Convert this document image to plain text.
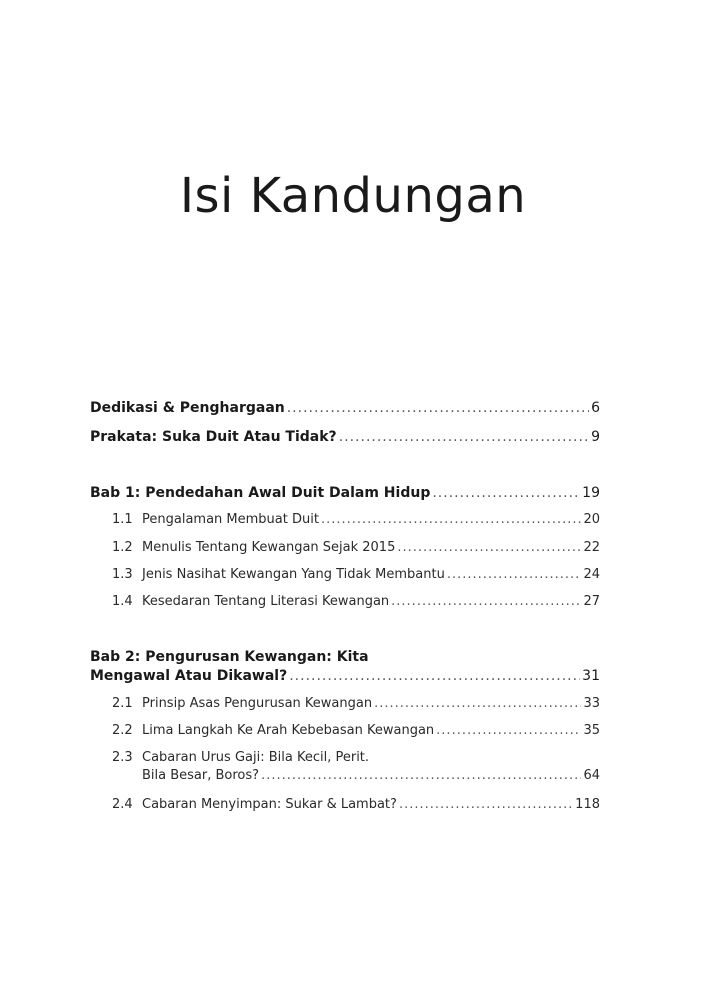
Isi Kandungan
Dedikasi & Penghargaan .....	6
Prakata: Suka Duit Atau Tidak? .....	9
Bab 1: Pendedahan Awal Duit Dalam Hidup .....	19
1.1 Pengalaman Membuat Duit .....	20
1.2 Menulis Tentang Kewangan Sejak 2015 .....	22
1.3 Jenis Nasihat Kewangan Yang Tidak Membantu .....	24
1.4 Kesedaran Tentang Literasi Kewangan .....	27
Bab 2: Pengurusan Kewangan: Kita
Mengawal Atau Dikawal? .....	31
2.1 Prinsip Asas Pengurusan Kewangan .....	33
2.2 Lima Langkah Ke Arah Kebebasan Kewangan .....	35
2.3 Cabaran Urus Gaji: Bila Kecil, Perit.
Bila Besar, Boros? .....	64
2.4 Cabaran Menyimpan: Sukar & Lambat? .....	118
